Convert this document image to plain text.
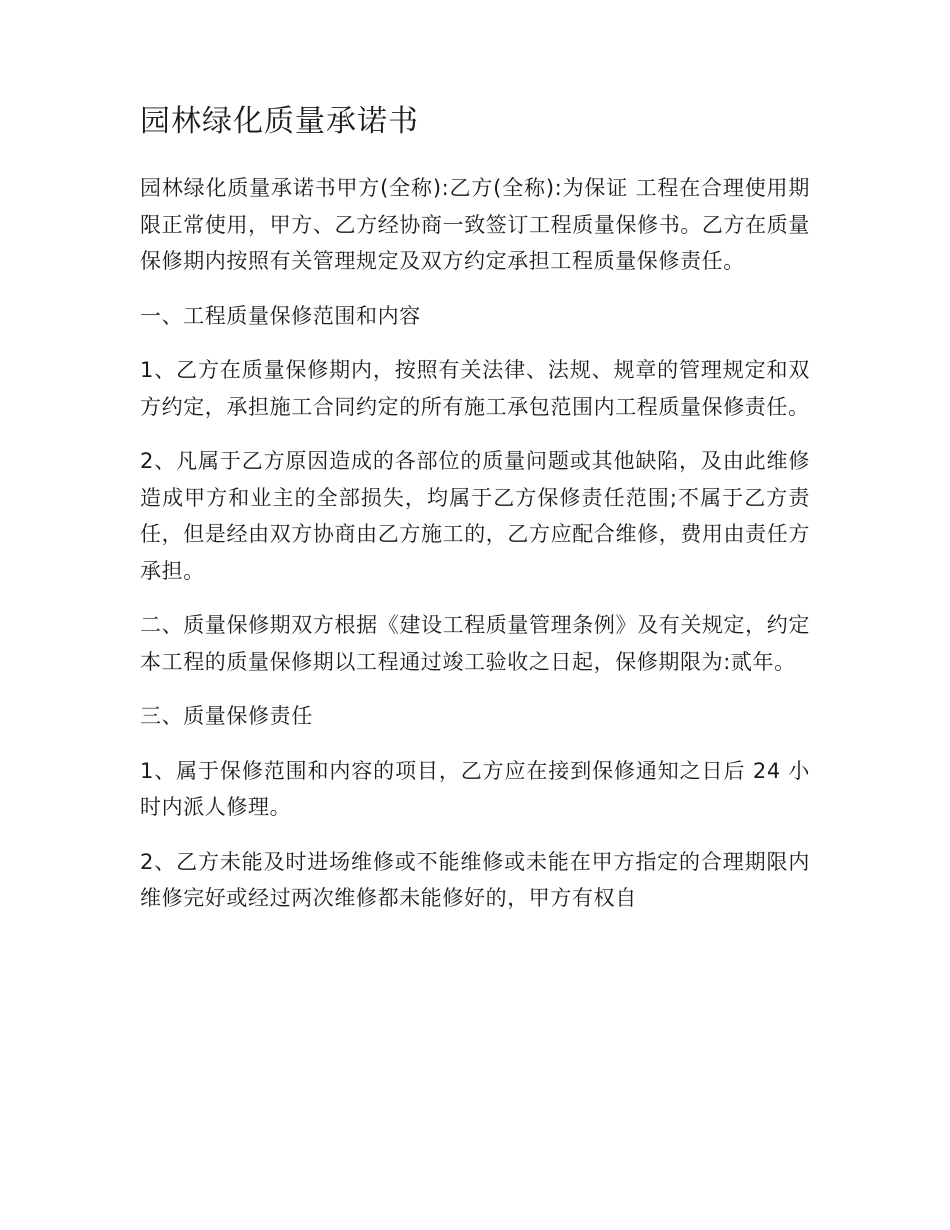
园林绿化质量承诺书

园林绿化质量承诺书甲方(全称):乙方(全称):为保证 工程在合理使用期限正常使用，甲方、乙方经协商一致签订工程质量保修书。乙方在质量保修期内按照有关管理规定及双方约定承担工程质量保修责任。

一、工程质量保修范围和内容

1、乙方在质量保修期内，按照有关法律、法规、规章的管理规定和双方约定，承担施工合同约定的所有施工承包范围内工程质量保修责任。

2、凡属于乙方原因造成的各部位的质量问题或其他缺陷，及由此维修造成甲方和业主的全部损失，均属于乙方保修责任范围;不属于乙方责任，但是经由双方协商由乙方施工的，乙方应配合维修，费用由责任方承担。

二、质量保修期双方根据《建设工程质量管理条例》及有关规定，约定本工程的质量保修期以工程通过竣工验收之日起，保修期限为:贰年。

三、质量保修责任

1、属于保修范围和内容的项目，乙方应在接到保修通知之日后 24 小时内派人修理。

2、乙方未能及时进场维修或不能维修或未能在甲方指定的合理期限内维修完好或经过两次维修都未能修好的，甲方有权自
